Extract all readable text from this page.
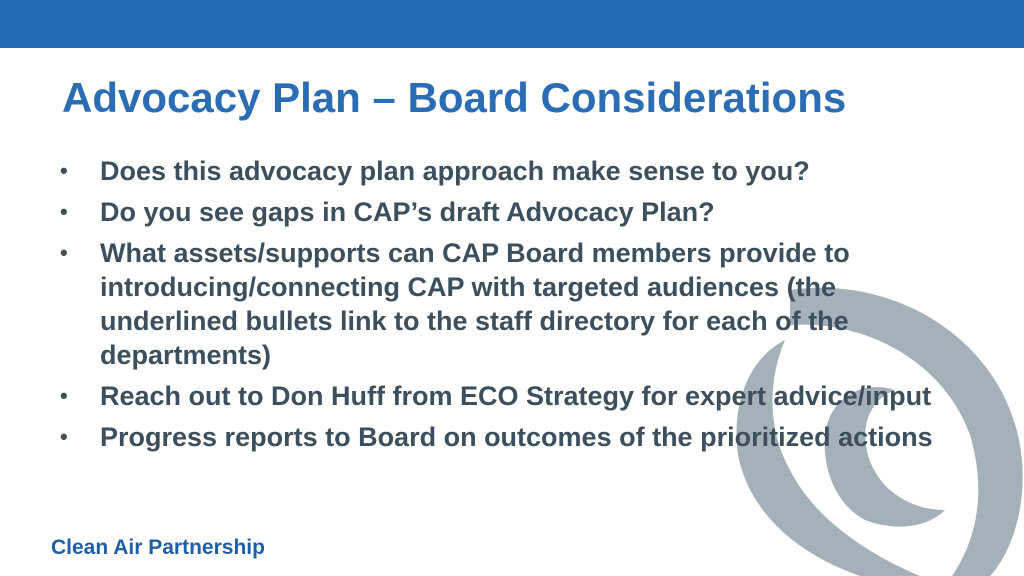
Advocacy Plan – Board Considerations
•	Does this advocacy plan approach make sense to you?
•	Do you see gaps in CAP’s draft Advocacy Plan?
•	What assets/supports can CAP Board members provide to introducing/connecting CAP with targeted audiences (the underlined bullets link to the staff directory for each of the departments)
•	Reach out to Don Huff from ECO Strategy for expert advice/input
•	Progress reports to Board on outcomes of the prioritized actions

Clean Air Partnership
